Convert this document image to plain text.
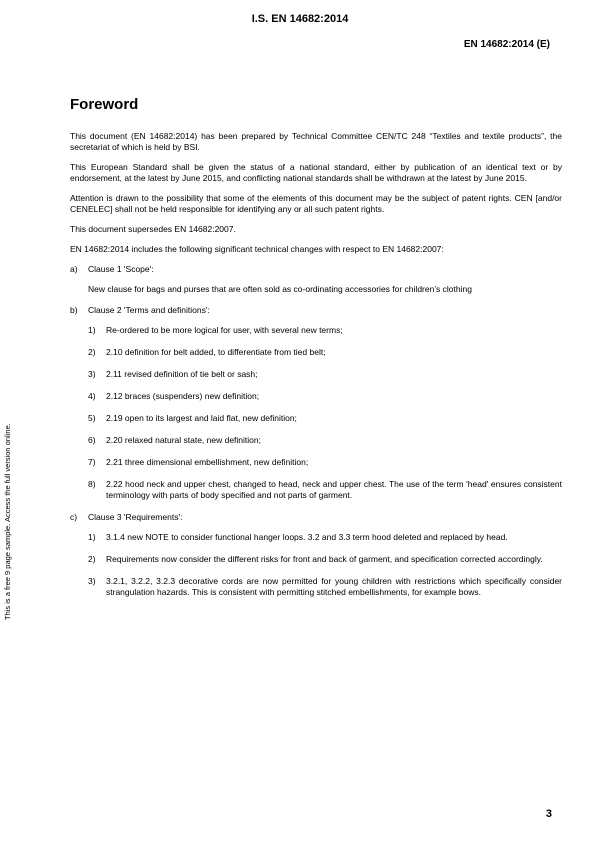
I.S. EN 14682:2014
EN 14682:2014 (E)
This is a free 9 page sample. Access the full version online.
Foreword

This document (EN 14682:2014) has been prepared by Technical Committee CEN/TC 248 “Textiles and textile products”, the secretariat of which is held by BSI.

This European Standard shall be given the status of a national standard, either by publication of an identical text or by endorsement, at the latest by June 2015, and conflicting national standards shall be withdrawn at the latest by June 2015.

Attention is drawn to the possibility that some of the elements of this document may be the subject of patent rights. CEN [and/or CENELEC] shall not be held responsible for identifying any or all such patent rights.

This document supersedes EN 14682:2007.

EN 14682:2014 includes the following significant technical changes with respect to EN 14682:2007:

a)	Clause 1 'Scope':
New clause for bags and purses that are often sold as co-ordinating accessories for children’s clothing
b)	Clause 2 'Terms and definitions':
1)	Re-ordered to be more logical for user, with several new terms;
2)	2.10 definition for belt added, to differentiate from tied belt;
3)	2.11 revised definition of tie belt or sash;
4)	2.12 braces (suspenders) new definition;
5)	2.19 open to its largest and laid flat, new definition;
6)	2.20 relaxed natural state, new definition;
7)	2.21 three dimensional embellishment, new definition;
8)	2.22 hood neck and upper chest, changed to head, neck and upper chest. The use of the term 'head' ensures consistent terminology with parts of body specified and not parts of garment.
c)	Clause 3 'Requirements':
1)	3.1.4 new NOTE to consider functional hanger loops. 3.2 and 3.3 term hood deleted and replaced by head.
2)	Requirements now consider the different risks for front and back of garment, and specification corrected accordingly.
3)	3.2.1, 3.2.2, 3.2.3 decorative cords are now permitted for young children with restrictions which specifically consider strangulation hazards. This is consistent with permitting stitched embellishments, for example bows.
3
